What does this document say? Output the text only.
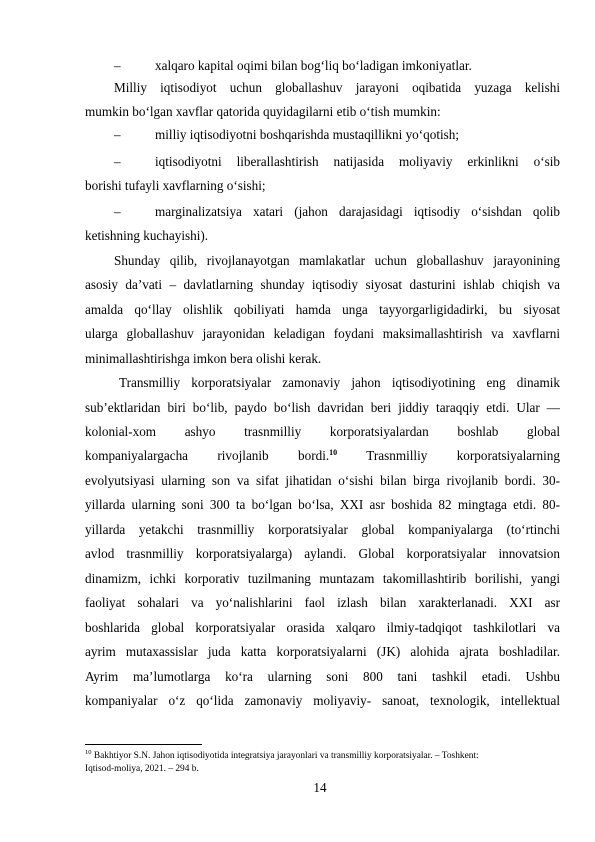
–	xalqaro kapital oqimi bilan bog‘liq bo‘ladigan imkoniyatlar.
Milliy iqtisodiyot uchun globallashuv jarayoni oqibatida yuzaga kelishi
mumkin bo‘lgan xavflar qatorida quyidagilarni etib o‘tish mumkin:
–	milliy iqtisodiyotni boshqarishda mustaqillikni yo‘qotish;
–	iqtisodiyotni liberallashtirish natijasida moliyaviy erkinlikni o‘sib
borishi tufayli xavflarning o‘sishi;
–	marginalizatsiya xatari (jahon darajasidagi iqtisodiy o‘sishdan qolib
ketishning kuchayishi).
Shunday qilib, rivojlanayotgan mamlakatlar uchun globallashuv jarayonining
asosiy da’vati – davlatlarning shunday iqtisodiy siyosat dasturini ishlab chiqish va
amalda qo‘llay olishlik qobiliyati hamda unga tayyorgarligidadirki, bu siyosat
ularga globallashuv jarayonidan keladigan foydani maksimallashtirish va xavflarni
minimallashtirishga imkon bera olishi kerak.
Transmilliy korporatsiyalar zamonaviy jahon iqtisodiyotining eng dinamik
sub’ektlaridan biri bo‘lib, paydo bo‘lish davridan beri jiddiy taraqqiy etdi. Ular —
kolonial-xom ashyo trasnmilliy korporatsiyalardan boshlab global
kompaniyalargacha rivojlanib bordi.$^{10}$ Trasnmilliy korporatsiyalarning
evolyutsiyasi ularning son va sifat jihatidan o‘sishi bilan birga rivojlanib bordi. 30-
yillarda ularning soni 300 ta bo‘lgan bo‘lsa, XXI asr boshida 82 mingtaga etdi. 80-
yillarda yetakchi trasnmilliy korporatsiyalar global kompaniyalarga (to‘rtinchi
avlod trasnmilliy korporatsiyalarga) aylandi. Global korporatsiyalar innovatsion
dinamizm, ichki korporativ tuzilmaning muntazam takomillashtirib borilishi, yangi
faoliyat sohalari va yo‘nalishlarini faol izlash bilan xarakterlanadi. XXI asr
boshlarida global korporatsiyalar orasida xalqaro ilmiy-tadqiqot tashkilotlari va
ayrim mutaxassislar juda katta korporatsiyalarni (JK) alohida ajrata boshladilar.
Ayrim ma’lumotlarga ko‘ra ularning soni 800 tani tashkil etadi. Ushbu
kompaniyalar o‘z qo‘lida zamonaviy moliyaviy- sanoat, texnologik, intellektual
$^{10}$ Bakhtiyor S.N. Jahon iqtisodiyotida integratsiya jarayonlari va transmilliy korporatsiyalar. – Toshkent:
Iqtisod-moliya, 2021. – 294 b.
14
